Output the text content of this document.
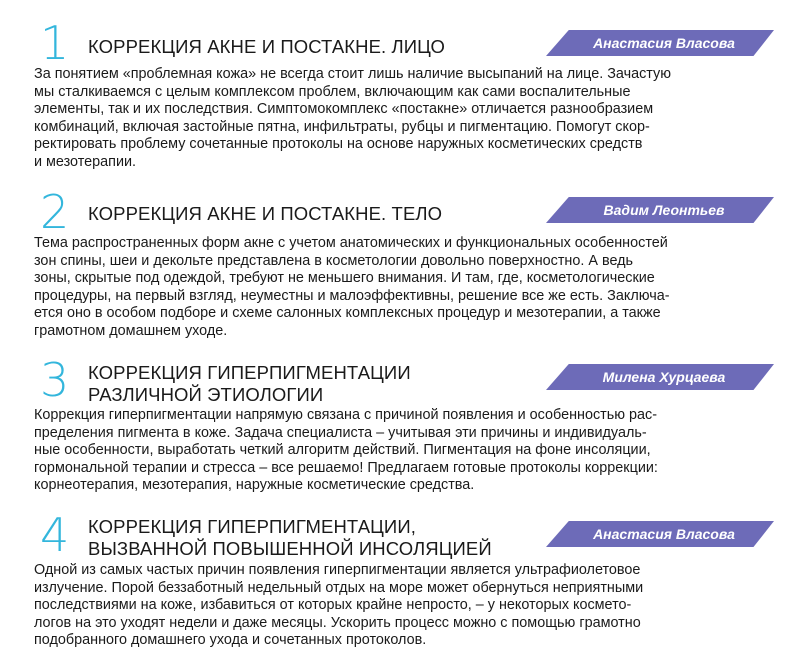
1 КОРРЕКЦИЯ АКНЕ И ПОСТАКНЕ. ЛИЦО	Анастасия Власова
За понятием «проблемная кожа» не всегда стоит лишь наличие высыпаний на лице. Зачастую
мы сталкиваемся с целым комплексом проблем, включающим как сами воспалительные
элементы, так и их последствия. Симптомокомплекс «постакне» отличается разнообразием
комбинаций, включая застойные пятна, инфильтраты, рубцы и пигментацию. Помогут скор-
ректировать проблему сочетанные протоколы на основе наружных косметических средств
и мезотерапии.
2 КОРРЕКЦИЯ АКНЕ И ПОСТАКНЕ. ТЕЛО	Вадим Леонтьев
Тема распространенных форм акне с учетом анатомических и функциональных особенностей
зон спины, шеи и декольте представлена в косметологии довольно поверхностно. А ведь
зоны, скрытые под одеждой, требуют не меньшего внимания. И там, где, косметологические
процедуры, на первый взгляд, неуместны и малоэффективны, решение все же есть. Заключа-
ется оно в особом подборе и схеме салонных комплексных процедур и мезотерапии, а также
грамотном домашнем уходе.
3 КОРРЕКЦИЯ ГИПЕРПИГМЕНТАЦИИ
РАЗЛИЧНОЙ ЭТИОЛОГИИ
Милена Хурцаева
Коррекция гиперпигментации напрямую связана с причиной появления и особенностью рас-
пределения пигмента в коже. Задача специалиста – учитывая эти причины и индивидуаль-
ные особенности, выработать четкий алгоритм действий. Пигментация на фоне инсоляции,
гормональной терапии и стресса – все решаемо! Предлагаем готовые протоколы коррекции:
корнеотерапия, мезотерапия, наружные косметические средства.
4 КОРРЕКЦИЯ ГИПЕРПИГМЕНТАЦИИ,
ВЫЗВАННОЙ ПОВЫШЕННОЙ ИНСОЛЯЦИЕЙ
Анастасия Власова
Одной из самых частых причин появления гиперпигментации является ультрафиолетовое
излучение. Порой беззаботный недельный отдых на море может обернуться неприятными
последствиями на коже, избавиться от которых крайне непросто, – у некоторых космето-
логов на это уходят недели и даже месяцы. Ускорить процесс можно с помощью грамотно
подобранного домашнего ухода и сочетанных протоколов.
